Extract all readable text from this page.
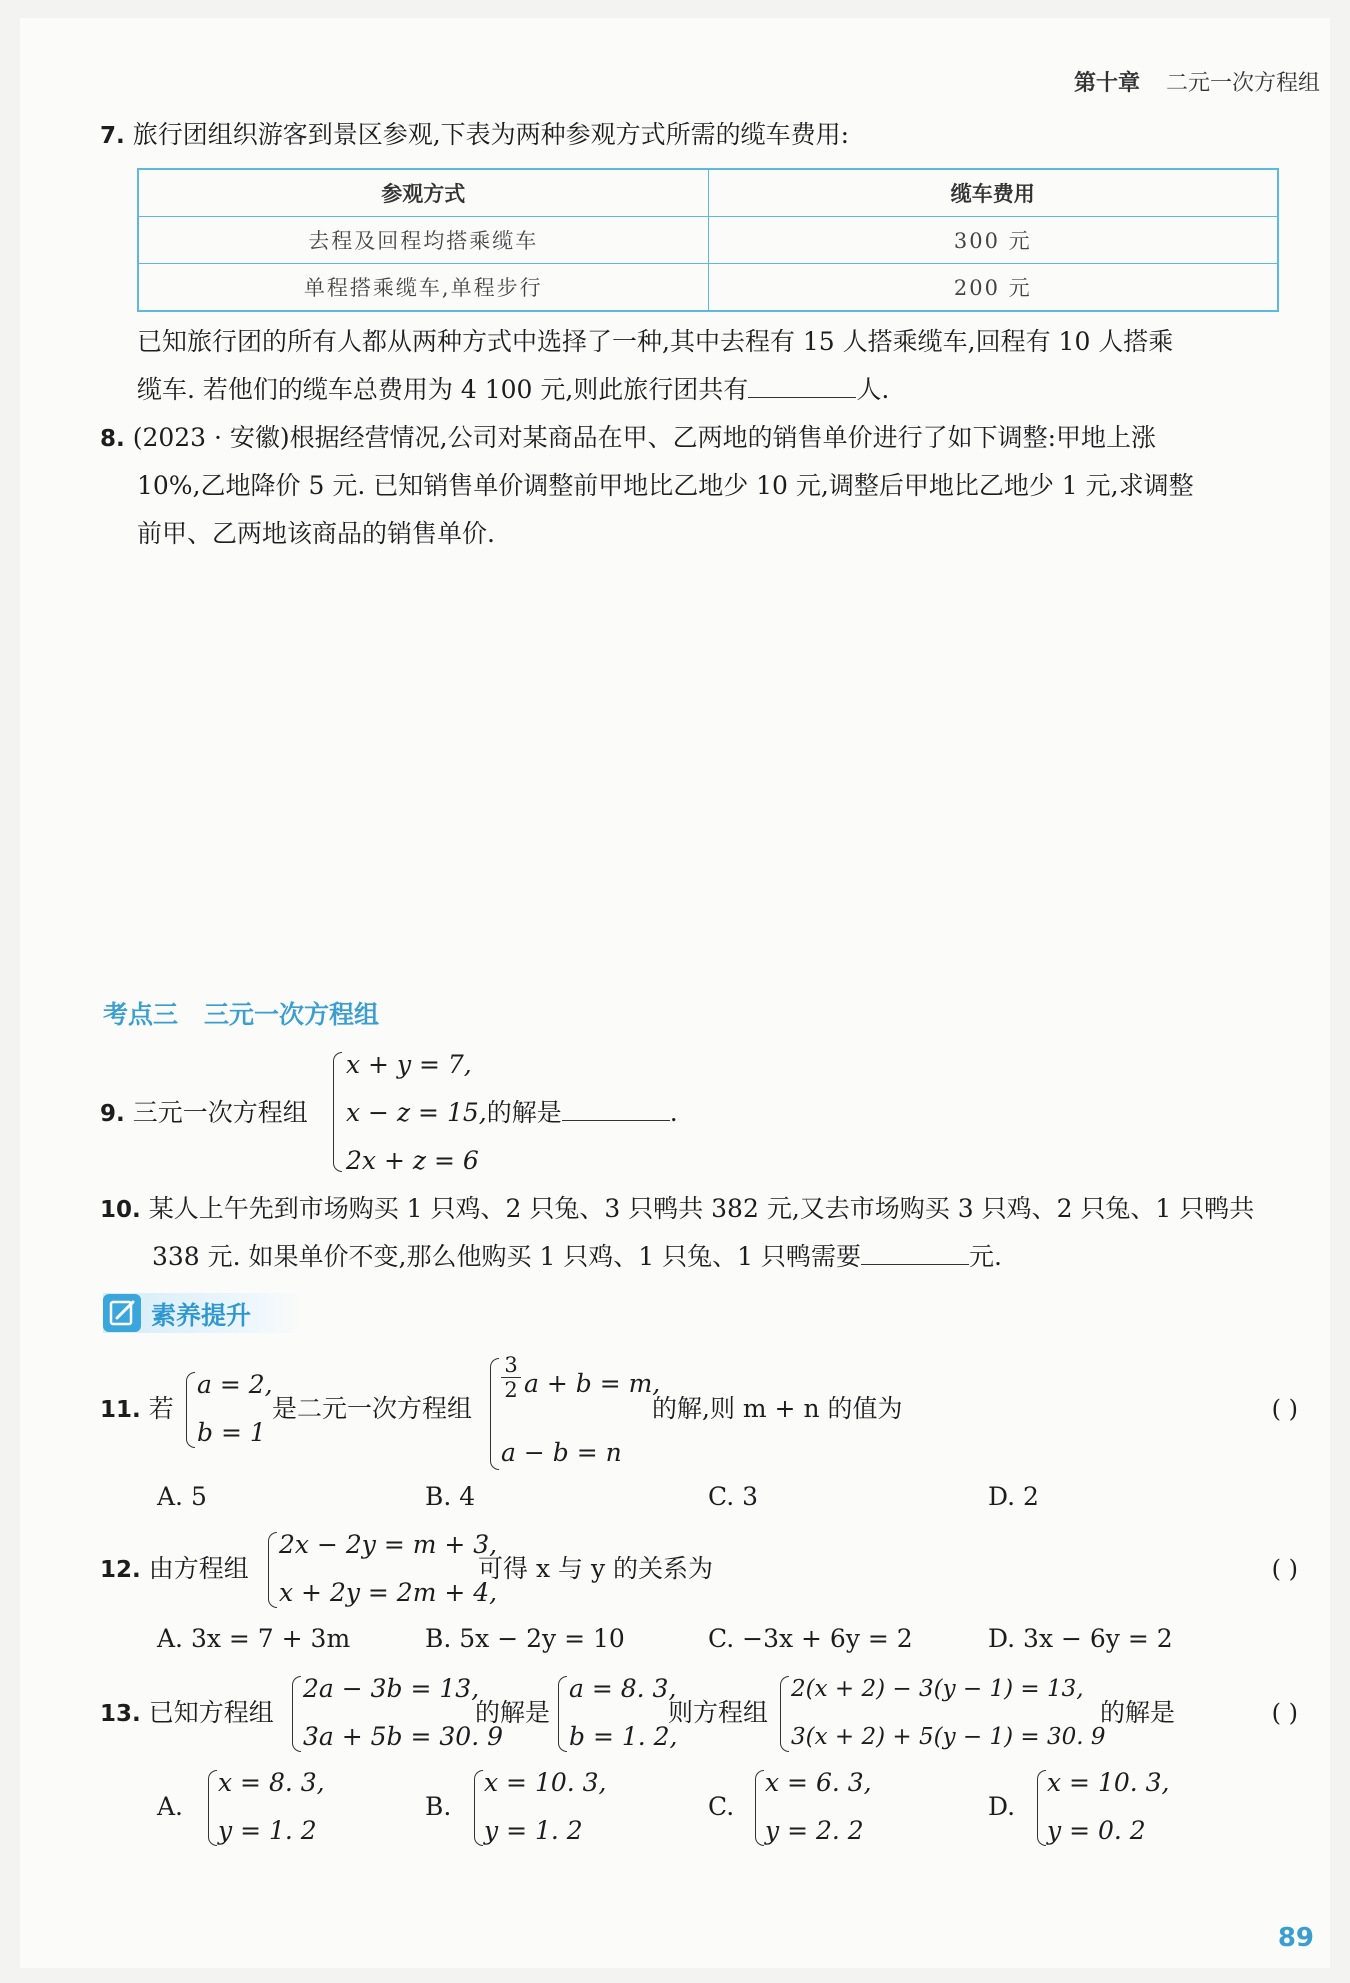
第十章 二元一次方程组
7. 旅行团组织游客到景区参观,下表为两种参观方式所需的缆车费用:
参观方式	缆车费用
去程及回程均搭乘缆车	300 元
单程搭乘缆车,单程步行	200 元
已知旅行团的所有人都从两种方式中选择了一种,其中去程有 15 人搭乘缆车,回程有 10 人搭乘
缆车. 若他们的缆车总费用为 4 100 元,则此旅行团共有	人.
8. (2023 · 安徽)根据经营情况,公司对某商品在甲、乙两地的销售单价进行了如下调整:甲地上涨
10%,乙地降价 5 元. 已知销售单价调整前甲地比乙地少 10 元,调整后甲地比乙地少 1 元,求调整
前甲、乙两地该商品的销售单价.
考点三 三元一次方程组
9. 三元一次方程组
x + y = 7,
x − z = 15,的解是	.
2x + z = 6
10. 某人上午先到市场购买 1 只鸡、2 只兔、3 只鸭共 382 元,又去市场购买 3 只鸡、2 只兔、1 只鸭共
338 元. 如果单价不变,那么他购买 1 只鸡、1 只兔、1 只鸭需要	元.
素养提升
11. 若
a = 2,
b = 1
是二元一次方程组
3
2 a + b = m,
a − b = n
的解,则 m + n 的值为	( )
A. 5	B. 4	C. 3	D. 2
12. 由方程组
2x − 2y = m + 3,
x + 2y = 2m + 4,
可得 x 与 y 的关系为	( )
A. 3x = 7 + 3m	B. 5x − 2y = 10	C. −3x + 6y = 2	D. 3x − 6y = 2
13. 已知方程组
2a − 3b = 13,
3a + 5b = 30. 9
的解是
a = 8. 3,
b = 1. 2,
则方程组
2(x + 2) − 3(y − 1) = 13,
3(x + 2) + 5(y − 1) = 30. 9
的解是	( )
A.
x = 8. 3,
y = 1. 2
B.
x = 10. 3,
y = 1. 2
C.
x = 6. 3,
y = 2. 2
D.
x = 10. 3,
y = 0. 2
89
